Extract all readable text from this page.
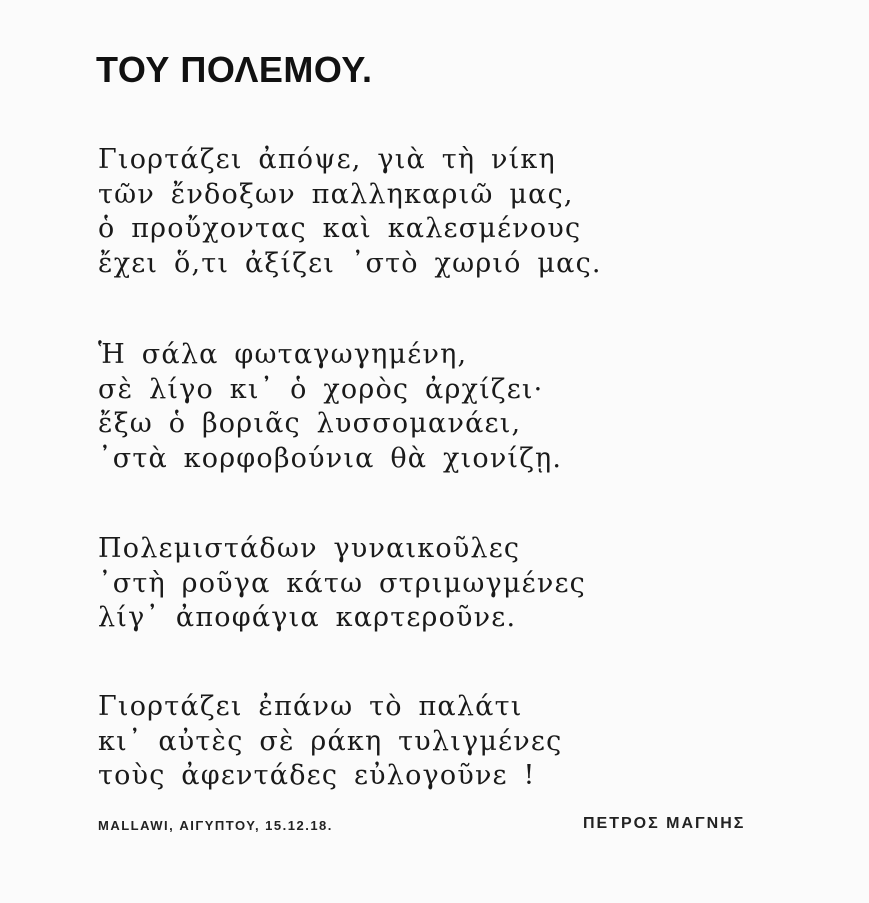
ΤΟΥ ΠΟΛΕΜΟΥ.
Γιορτάζει ἀπόψε, γιὰ τὴ νίκη
τῶν ἔνδοξων παλληκαριῶ μας,
ὁ προὔχοντας καὶ καλεσμένους
ἔχει ὅ,τι ἀξίζει ᾽στὸ χωριό μας.
Ἡ σάλα φωταγωγημένη,
σὲ λίγο κι᾽ ὁ χορὸς ἀρχίζει·
ἔξω ὁ βοριᾶς λυσσομανάει,
᾽στὰ κορφοβούνια θὰ χιονίζῃ.
Πολεμιστάδων γυναικοῦλες
᾽στὴ ροῦγα κάτω στριμωγμένες
λίγ᾽ ἀποφάγια καρτεροῦνε.
Γιορτάζει ἐπάνω τὸ παλάτι
κι᾽ αὐτὲς σὲ ράκη τυλιγμένες
τοὺς ἀφεντάδες εὐλογοῦνε !
MALLAWI, ΑΙΓΥΠΤΟΥ, 15.12.18.	ΠΕΤΡΟΣ ΜΑΓΝΗΣ
